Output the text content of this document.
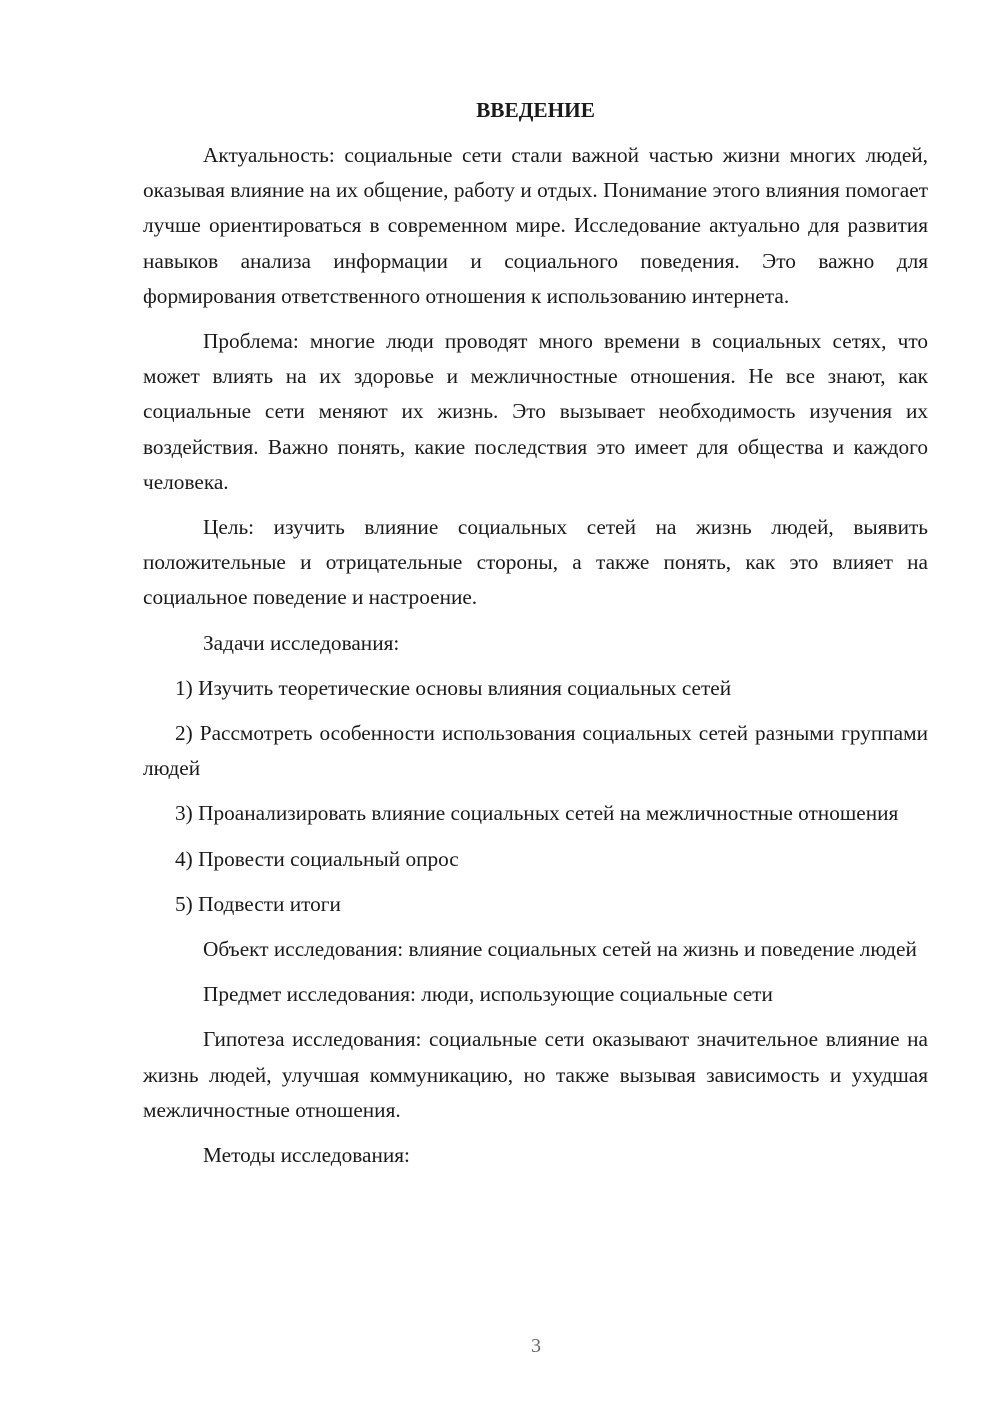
ВВЕДЕНИЕ

Актуальность: социальные сети стали важной частью жизни многих людей, оказывая влияние на их общение, работу и отдых. Понимание этого влияния помогает лучше ориентироваться в современном мире. Исследование актуально для развития навыков анализа информации и социального поведения. Это важно для формирования ответственного отношения к использованию интернета.

Проблема: многие люди проводят много времени в социальных сетях, что может влиять на их здоровье и межличностные отношения. Не все знают, как социальные сети меняют их жизнь. Это вызывает необходимость изучения их воздействия. Важно понять, какие последствия это имеет для общества и каждого человека.

Цель: изучить влияние социальных сетей на жизнь людей, выявить положительные и отрицательные стороны, а также понять, как это влияет на социальное поведение и настроение.

Задачи исследования:

1) Изучить теоретические основы влияния социальных сетей

2) Рассмотреть особенности использования социальных сетей разными группами людей

3) Проанализировать влияние социальных сетей на межличностные отношения

4) Провести социальный опрос

5) Подвести итоги

Объект исследования: влияние социальных сетей на жизнь и поведение людей

Предмет исследования: люди, использующие социальные сети

Гипотеза исследования: социальные сети оказывают значительное влияние на жизнь людей, улучшая коммуникацию, но также вызывая зависимость и ухудшая межличностные отношения.

Методы исследования:

3
